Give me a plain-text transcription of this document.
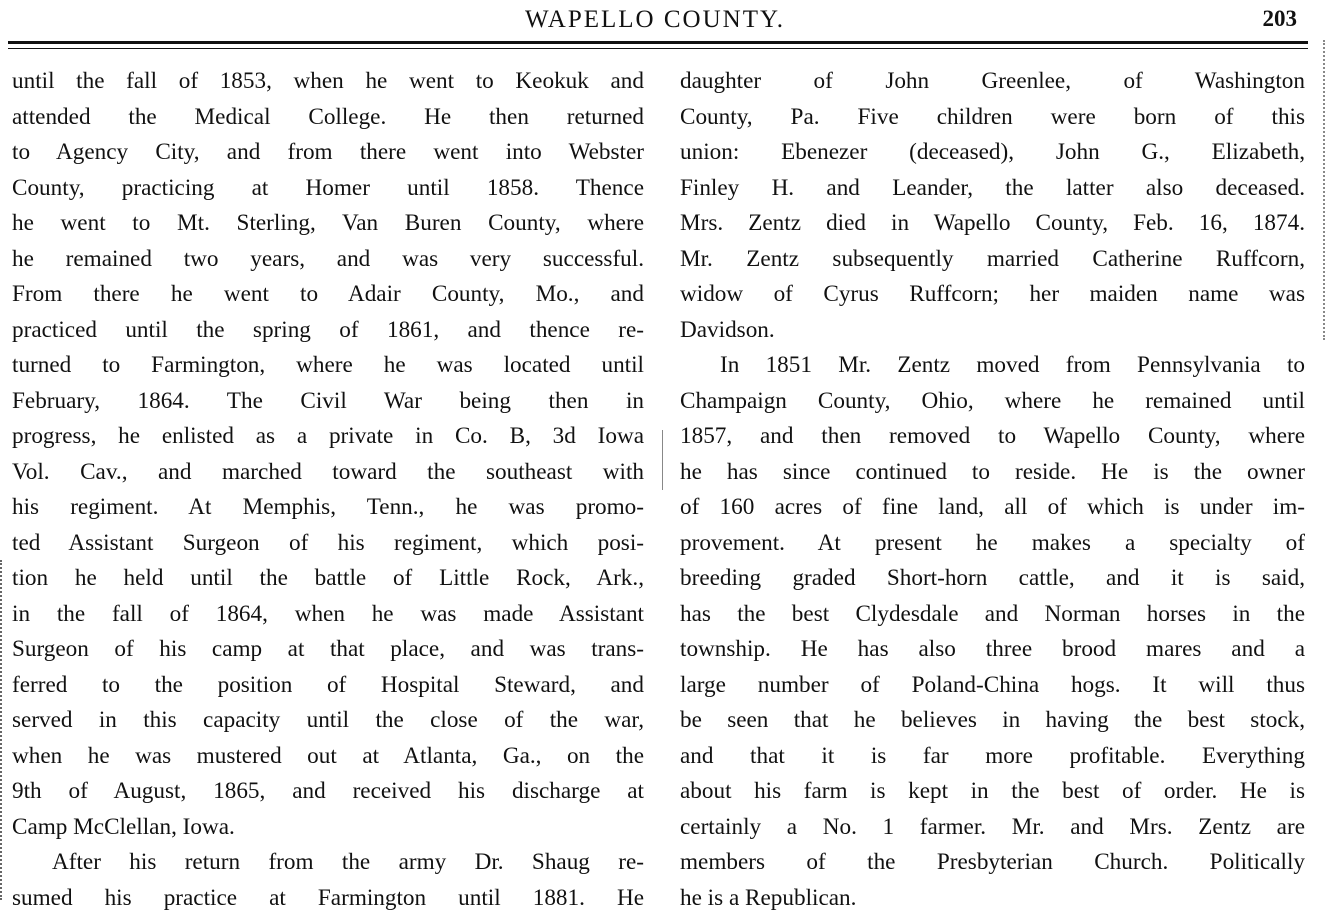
WAPELLO COUNTY.	203
until the fall of 1853, when he went to Keokuk and
attended the Medical College. He then returned
to Agency City, and from there went into Webster
County, practicing at Homer until 1858. Thence
he went to Mt. Sterling, Van Buren County, where
he remained two years, and was very successful.
From there he went to Adair County, Mo., and
practiced until the spring of 1861, and thence re-
turned to Farmington, where he was located until
February, 1864. The Civil War being then in
progress, he enlisted as a private in Co. B, 3d Iowa
Vol. Cav., and marched toward the southeast with
his regiment. At Memphis, Tenn., he was promo-
ted Assistant Surgeon of his regiment, which posi-
tion he held until the battle of Little Rock, Ark.,
in the fall of 1864, when he was made Assistant
Surgeon of his camp at that place, and was trans-
ferred to the position of Hospital Steward, and
served in this capacity until the close of the war,
when he was mustered out at Atlanta, Ga., on the
9th of August, 1865, and received his discharge at
Camp McClellan, Iowa.
After his return from the army Dr. Shaug re-
sumed his practice at Farmington until 1881. He
daughter of John Greenlee, of Washington
County, Pa. Five children were born of this
union: Ebenezer (deceased), John G., Elizabeth,
Finley H. and Leander, the latter also deceased.
Mrs. Zentz died in Wapello County, Feb. 16, 1874.
Mr. Zentz subsequently married Catherine Ruffcorn,
widow of Cyrus Ruffcorn; her maiden name was
Davidson.
In 1851 Mr. Zentz moved from Pennsylvania to
Champaign County, Ohio, where he remained until
1857, and then removed to Wapello County, where
he has since continued to reside. He is the owner
of 160 acres of fine land, all of which is under im-
provement. At present he makes a specialty of
breeding graded Short-horn cattle, and it is said,
has the best Clydesdale and Norman horses in the
township. He has also three brood mares and a
large number of Poland-China hogs. It will thus
be seen that he believes in having the best stock,
and that it is far more profitable. Everything
about his farm is kept in the best of order. He is
certainly a No. 1 farmer. Mr. and Mrs. Zentz are
members of the Presbyterian Church. Politically
he is a Republican.
